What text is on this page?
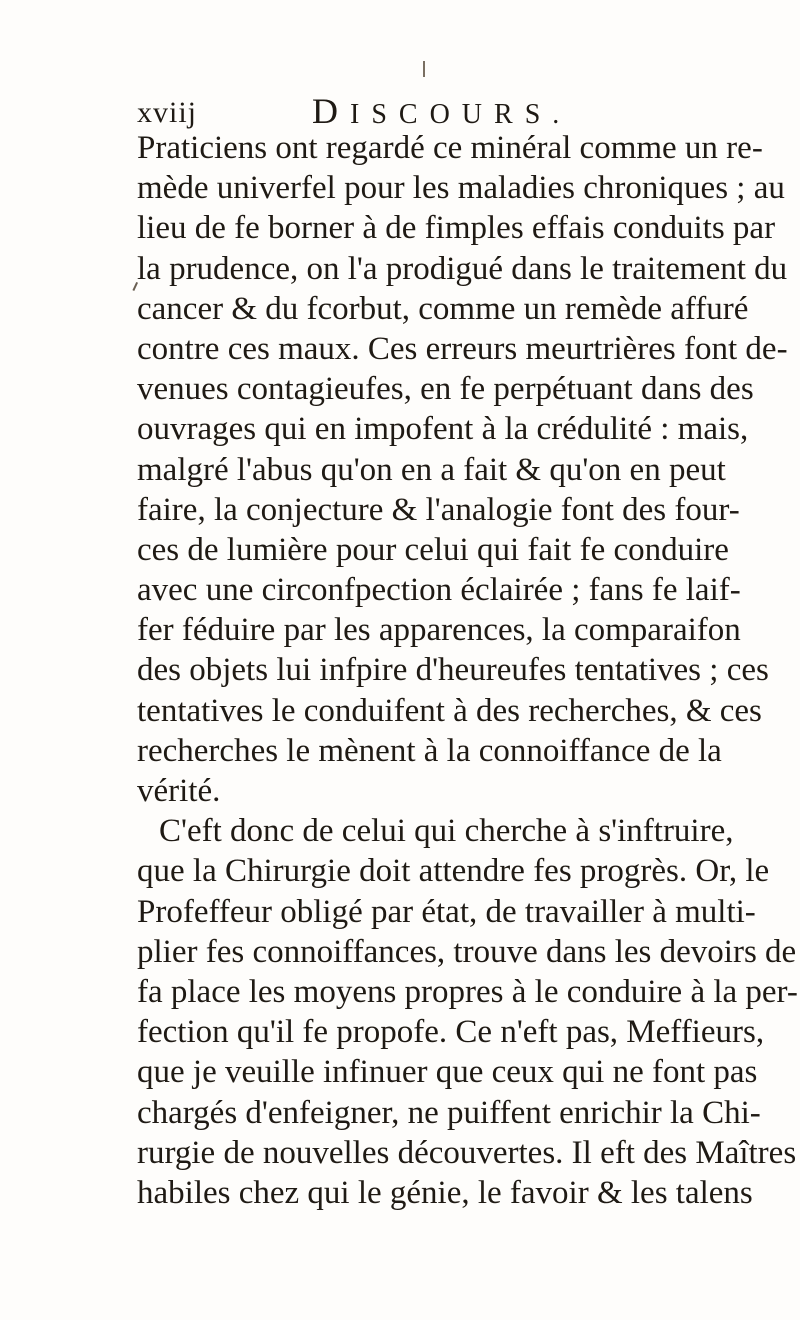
xviij	DISCOURS.
Praticiens ont regardé ce minéral comme un re-
mède univerfel pour les maladies chroniques ; au
lieu de fe borner à de fimples effais conduits par
la prudence, on l'a prodigué dans le traitement du
cancer & du fcorbut, comme un remède affuré
contre ces maux. Ces erreurs meurtrières font de-
venues contagieufes, en fe perpétuant dans des
ouvrages qui en impofent à la crédulité : mais,
malgré l'abus qu'on en a fait & qu'on en peut
faire, la conjecture & l'analogie font des four-
ces de lumière pour celui qui fait fe conduire
avec une circonfpection éclairée ; fans fe laif-
fer féduire par les apparences, la comparaifon
des objets lui infpire d'heureufes tentatives ; ces
tentatives le conduifent à des recherches, & ces
recherches le mènent à la connoiffance de la
vérité.
C'eft donc de celui qui cherche à s'inftruire,
que la Chirurgie doit attendre fes progrès. Or, le
Profeffeur obligé par état, de travailler à multi-
plier fes connoiffances, trouve dans les devoirs de
fa place les moyens propres à le conduire à la per-
fection qu'il fe propofe. Ce n'eft pas, Meffieurs,
que je veuille infinuer que ceux qui ne font pas
chargés d'enfeigner, ne puiffent enrichir la Chi-
rurgie de nouvelles découvertes. Il eft des Maîtres
habiles chez qui le génie, le favoir & les talens
